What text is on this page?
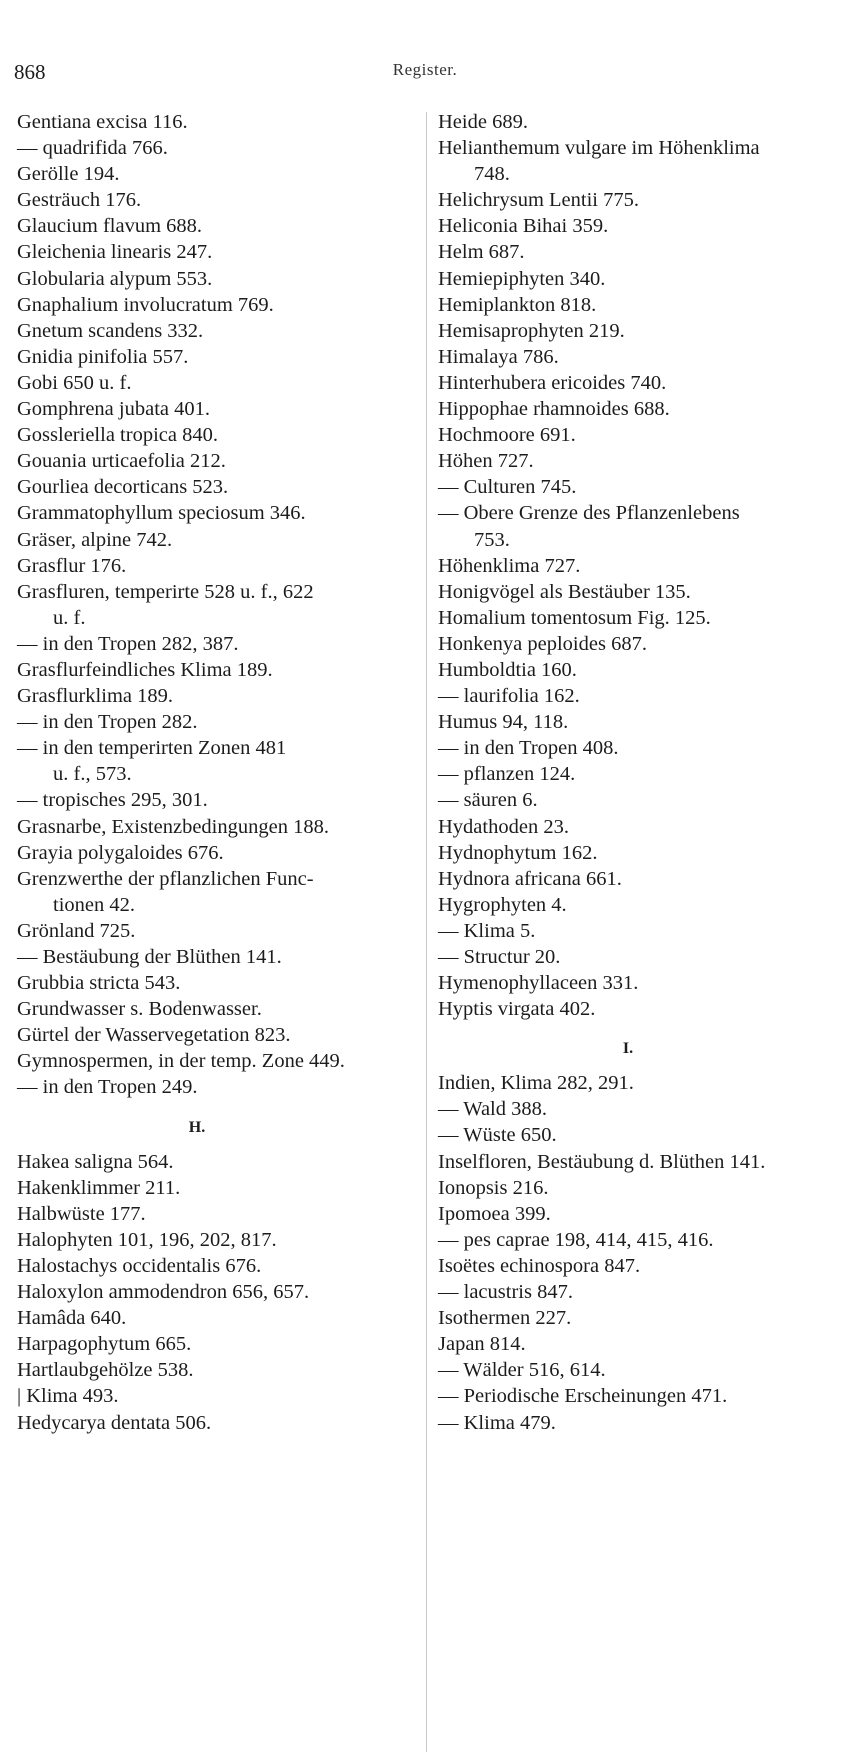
868	Register.
Gentiana excisa 116.
— quadrifida 766.
Gerölle 194.
Gesträuch 176.
Glaucium flavum 688.
Gleichenia linearis 247.
Globularia alypum 553.
Gnaphalium involucratum 769.
Gnetum scandens 332.
Gnidia pinifolia 557.
Gobi 650 u. f.
Gomphrena jubata 401.
Gossleriella tropica 840.
Gouania urticaefolia 212.
Gourliea decorticans 523.
Grammatophyllum speciosum 346.
Gräser, alpine 742.
Grasflur 176.
Grasfluren, temperirte 528 u. f., 622
u. f.
— in den Tropen 282, 387.
Grasflurfeindliches Klima 189.
Grasflurklima 189.
— in den Tropen 282.
— in den temperirten Zonen 481
u. f., 573.
— tropisches 295, 301.
Grasnarbe, Existenzbedingungen 188.
Grayia polygaloides 676.
Grenzwerthe der pflanzlichen Func-
tionen 42.
Grönland 725.
— Bestäubung der Blüthen 141.
Grubbia stricta 543.
Grundwasser s. Bodenwasser.
Gürtel der Wasservegetation 823.
Gymnospermen, in der temp. Zone 449.
— in den Tropen 249.
H.
Hakea saligna 564.
Hakenklimmer 211.
Halbwüste 177.
Halophyten 101, 196, 202, 817.
Halostachys occidentalis 676.
Haloxylon ammodendron 656, 657.
Hamâda 640.
Harpagophytum 665.
Hartlaubgehölze 538.
| Klima 493.
Hedycarya dentata 506.
Heide 689.
Helianthemum vulgare im Höhenklima
748.
Helichrysum Lentii 775.
Heliconia Bihai 359.
Helm 687.
Hemiepiphyten 340.
Hemiplankton 818.
Hemisaprophyten 219.
Himalaya 786.
Hinterhubera ericoides 740.
Hippophae rhamnoides 688.
Hochmoore 691.
Höhen 727.
— Culturen 745.
— Obere Grenze des Pflanzenlebens
753.
Höhenklima 727.
Honigvögel als Bestäuber 135.
Homalium tomentosum Fig. 125.
Honkenya peploides 687.
Humboldtia 160.
— laurifolia 162.
Humus 94, 118.
— in den Tropen 408.
— pflanzen 124.
— säuren 6.
Hydathoden 23.
Hydnophytum 162.
Hydnora africana 661.
Hygrophyten 4.
— Klima 5.
— Structur 20.
Hymenophyllaceen 331.
Hyptis virgata 402.
I.
Indien, Klima 282, 291.
— Wald 388.
— Wüste 650.
Inselfloren, Bestäubung d. Blüthen 141.
Ionopsis 216.
Ipomoea 399.
— pes caprae 198, 414, 415, 416.
Isoëtes echinospora 847.
— lacustris 847.
Isothermen 227.
Japan 814.
— Wälder 516, 614.
— Periodische Erscheinungen 471.
— Klima 479.
